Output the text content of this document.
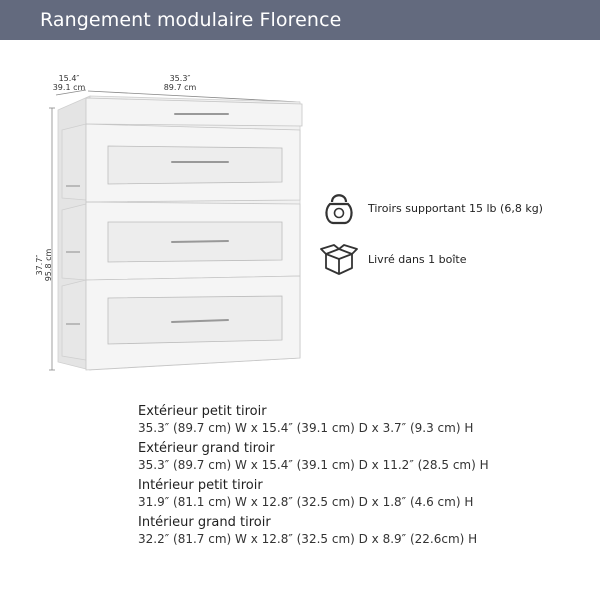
Rangement modulaire Florence
15.4″
39.1 cm
35.3″
89.7 cm
37.7″ 95.8 cm
Tiroirs supportant 15 lb (6,8 kg)
Livré dans 1 boîte
Extérieur petit tiroir
35.3″ (89.7 cm) W x 15.4″ (39.1 cm) D x 3.7″ (9.3 cm) H
Extérieur grand tiroir
35.3″ (89.7 cm) W x 15.4″ (39.1 cm) D x 11.2″ (28.5 cm) H
Intérieur petit tiroir
31.9″ (81.1 cm) W x 12.8″ (32.5 cm) D x 1.8″ (4.6 cm) H
Intérieur grand tiroir
32.2″ (81.7 cm) W x 12.8″ (32.5 cm) D x 8.9″ (22.6cm) H
